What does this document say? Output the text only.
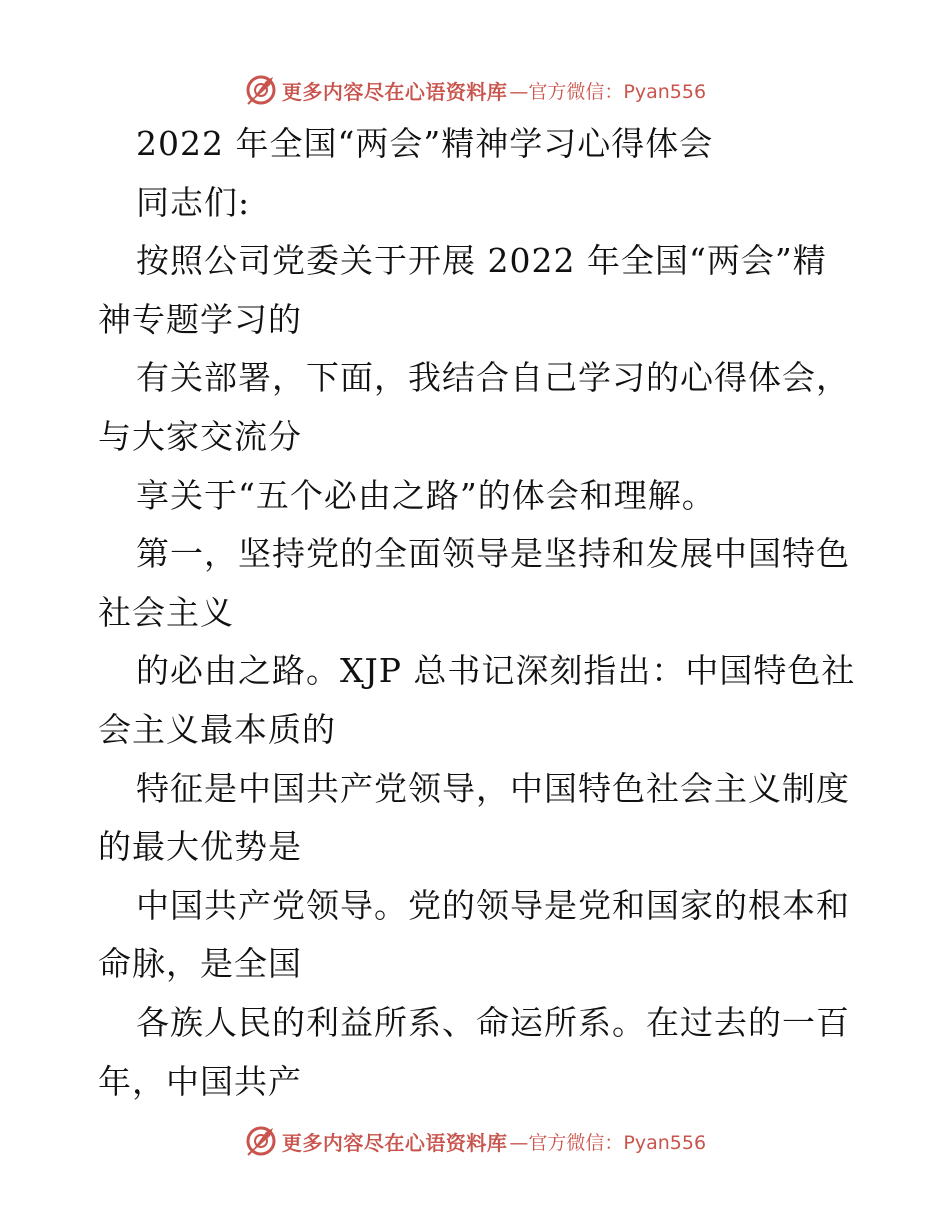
更多内容尽在心语资料库 —官方微信：Pyan556
2022 年全国“两会”精神学习心得体会
同志们:
按照公司党委关于开展 2022 年全国“两会”精
神专题学习的
有关部署，下面，我结合自己学习的心得体会，
与大家交流分
享关于“五个必由之路”的体会和理解。
第一，坚持党的全面领导是坚持和发展中国特色
社会主义
的必由之路。XJP 总书记深刻指出：中国特色社
会主义最本质的
特征是中国共产党领导，中国特色社会主义制度
的最大优势是
中国共产党领导。党的领导是党和国家的根本和
命脉，是全国
各族人民的利益所系、命运所系。在过去的一百
年，中国共产
更多内容尽在心语资料库 —官方微信：Pyan556
